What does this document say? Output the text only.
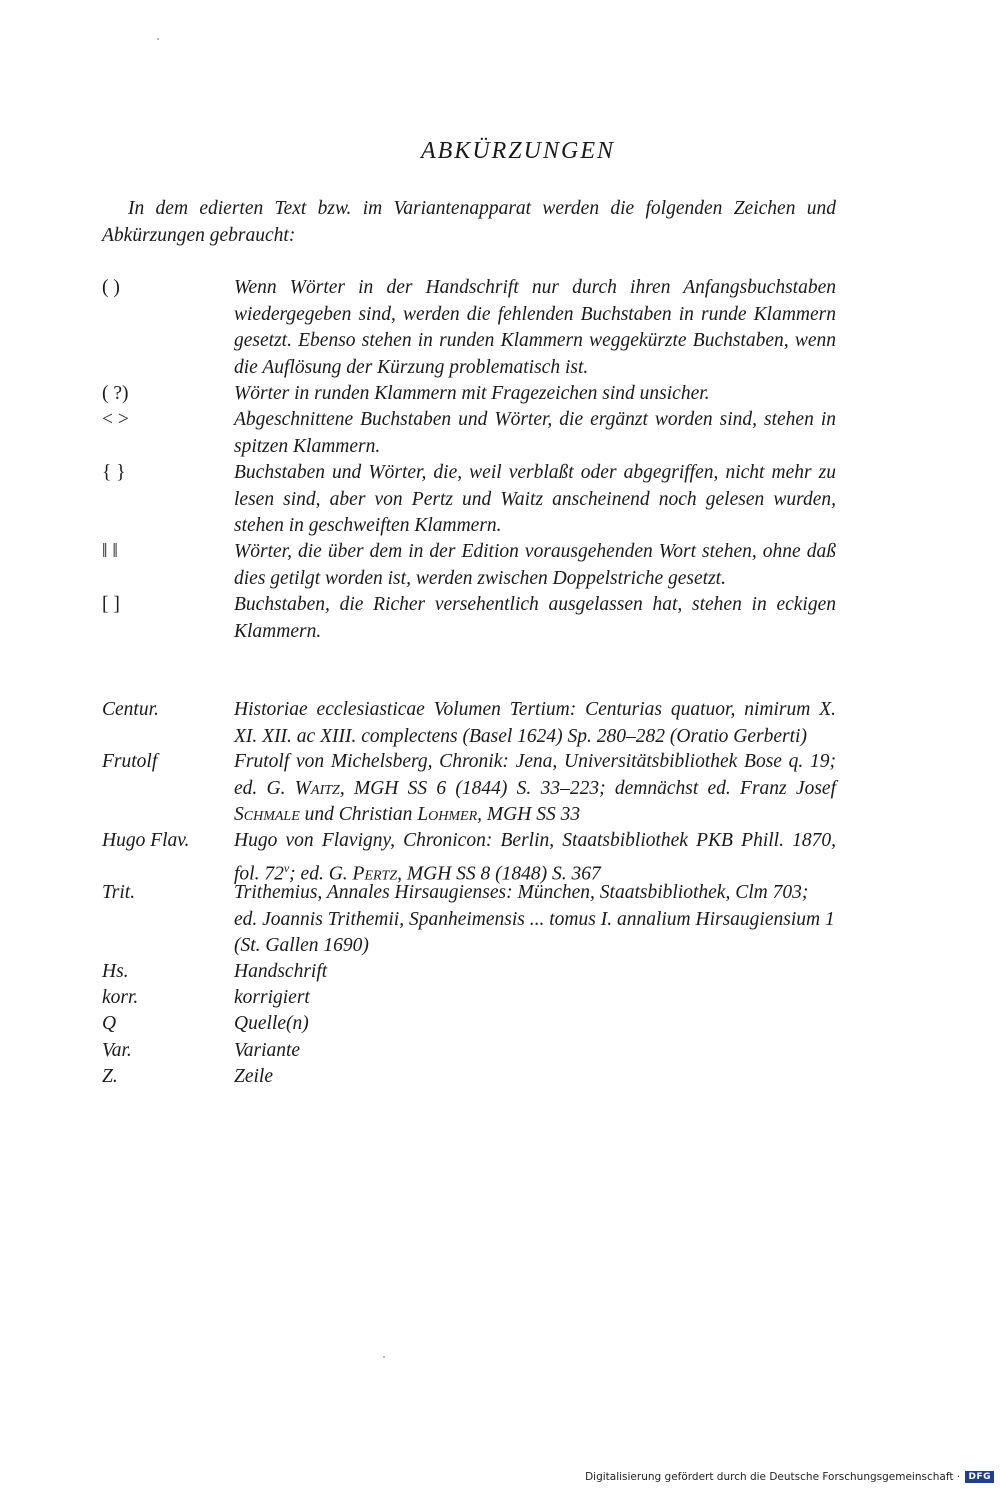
ABKÜRZUNGEN
In dem edierten Text bzw. im Variantenapparat werden die folgenden Zeichen und Abkürzungen gebraucht:
( )	Wenn Wörter in der Handschrift nur durch ihren Anfangsbuchstaben wiedergegeben sind, werden die fehlenden Buchstaben in runde Klammern gesetzt. Ebenso stehen in runden Klammern weggekürzte Buchstaben, wenn die Auflösung der Kürzung problematisch ist.
( ?)	Wörter in runden Klammern mit Fragezeichen sind unsicher.
< >	Abgeschnittene Buchstaben und Wörter, die ergänzt worden sind, stehen in spitzen Klammern.
{ }	Buchstaben und Wörter, die, weil verblaßt oder abgegriffen, nicht mehr zu lesen sind, aber von Pertz und Waitz anscheinend noch gelesen wurden, stehen in geschweiften Klammern.
‖ ‖	Wörter, die über dem in der Edition vorausgehenden Wort stehen, ohne daß dies getilgt worden ist, werden zwischen Doppelstriche gesetzt.
[ ]	Buchstaben, die Richer versehentlich ausgelassen hat, stehen in eckigen Klammern.
Centur.	Historiae ecclesiasticae Volumen Tertium: Centurias quatuor, nimirum X. XI. XII. ac XIII. complectens (Basel 1624) Sp. 280–282 (Oratio Gerberti)
Frutolf	Frutolf von Michelsberg, Chronik: Jena, Universitätsbibliothek Bose q. 19; ed. G. Waitz, MGH SS 6 (1844) S. 33–223; demnächst ed. Franz Josef Schmale und Christian Lohmer, MGH SS 33
Hugo Flav.	Hugo von Flavigny, Chronicon: Berlin, Staatsbibliothek PKB Phill. 1870, fol. 72$^v$; ed. G. Pertz, MGH SS 8 (1848) S. 367
Trit.	Trithemius, Annales Hirsaugienses: München, Staatsbibliothek, Clm 703; ed. Joannis Trithemii, Spanheimensis ... tomus I. annalium Hirsaugiensium 1 (St. Gallen 1690)
Hs.	Handschrift
korr.	korrigiert
Q	Quelle(n)
Var.	Variante
Z.	Zeile
Digitalisierung gefördert durch die Deutsche Forschungsgemeinschaft · DFG
